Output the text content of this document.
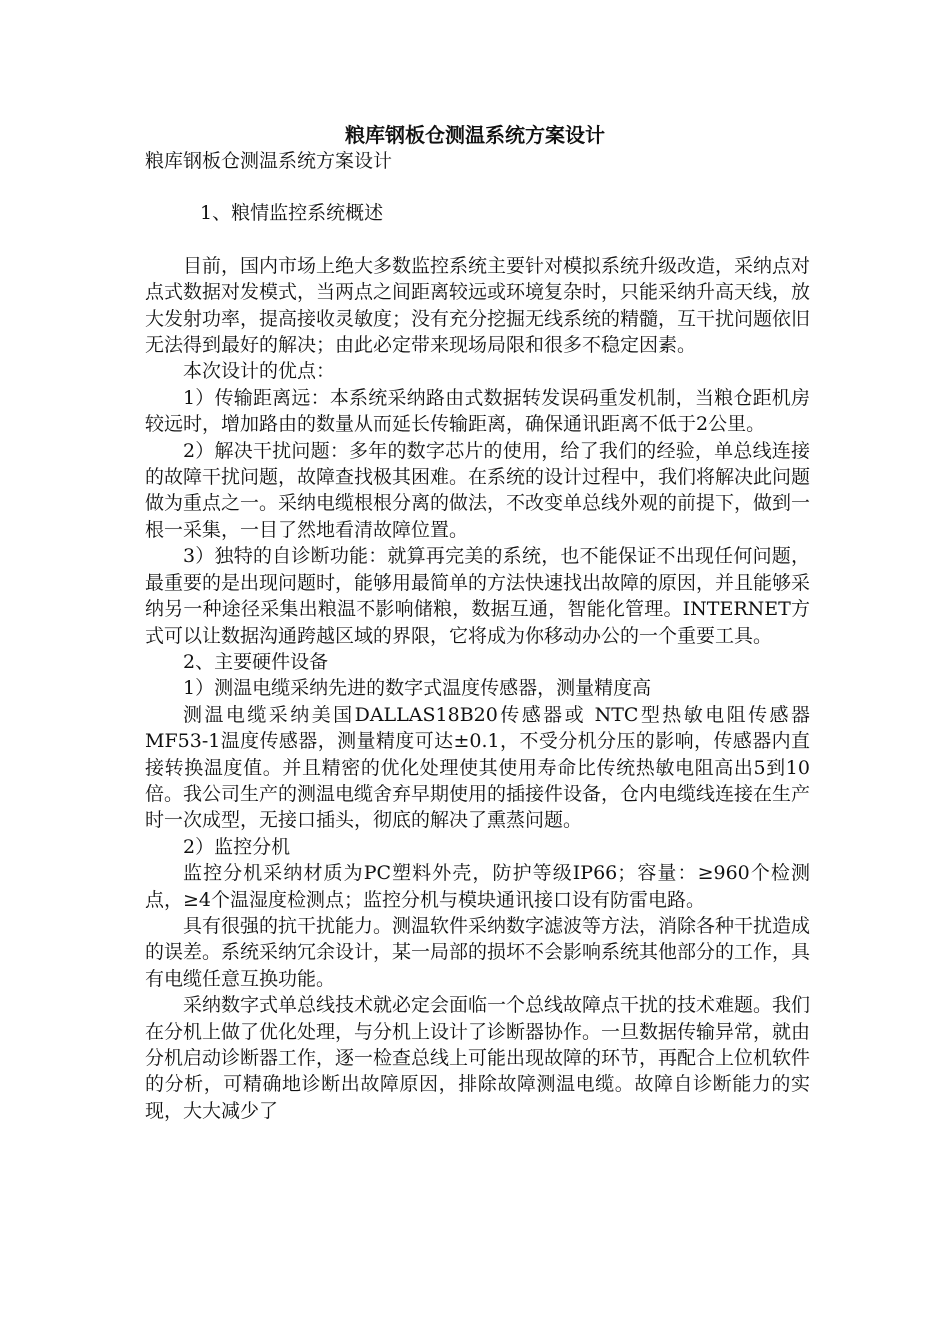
粮库钢板仓测温系统方案设计

粮库钢板仓测温系统方案设计

1、粮情监控系统概述

目前，国内市场上绝大多数监控系统主要针对模拟系统升级改造，采纳点对点式数据对发模式，当两点之间距离较远或环境复杂时，只能采纳升高天线，放大发射功率，提高接收灵敏度；没有充分挖掘无线系统的精髓，互干扰问题依旧无法得到最好的解决；由此必定带来现场局限和很多不稳定因素。

本次设计的优点：

1）传输距离远：本系统采纳路由式数据转发误码重发机制，当粮仓距机房较远时，增加路由的数量从而延长传输距离，确保通讯距离不低于2公里。

2）解决干扰问题：多年的数字芯片的使用，给了我们的经验，单总线连接的故障干扰问题，故障查找极其困难。在系统的设计过程中，我们将解决此问题做为重点之一。采纳电缆根根分离的做法，不改变单总线外观的前提下，做到一根一采集，一目了然地看清故障位置。

3）独特的自诊断功能：就算再完美的系统，也不能保证不出现任何问题，最重要的是出现问题时，能够用最简单的方法快速找出故障的原因，并且能够采纳另一种途径采集出粮温不影响储粮，数据互通，智能化管理。INTERNET方式可以让数据沟通跨越区域的界限，它将成为你移动办公的一个重要工具。

2、主要硬件设备

1）测温电缆采纳先进的数字式温度传感器，测量精度高

测温电缆采纳美国DALLAS18B20传感器或 NTC型热敏电阻传感器MF53-1温度传感器，测量精度可达±0.1，不受分机分压的影响，传感器内直接转换温度值。并且精密的优化处理使其使用寿命比传统热敏电阻高出5到10倍。我公司生产的测温电缆舍弃早期使用的插接件设备，仓内电缆线连接在生产时一次成型，无接口插头，彻底的解决了熏蒸问题。

2）监控分机

监控分机采纳材质为PC塑料外壳，防护等级IP66；容量：≥960个检测点，≥4个温湿度检测点；监控分机与模块通讯接口设有防雷电路。

具有很强的抗干扰能力。测温软件采纳数字滤波等方法，消除各种干扰造成的误差。系统采纳冗余设计，某一局部的损坏不会影响系统其他部分的工作，具有电缆任意互换功能。

采纳数字式单总线技术就必定会面临一个总线故障点干扰的技术难题。我们在分机上做了优化处理，与分机上设计了诊断器协作。一旦数据传输异常，就由分机启动诊断器工作，逐一检查总线上可能出现故障的环节，再配合上位机软件的分析，可精确地诊断出故障原因，排除故障测温电缆。故障自诊断能力的实现，大大减少了
